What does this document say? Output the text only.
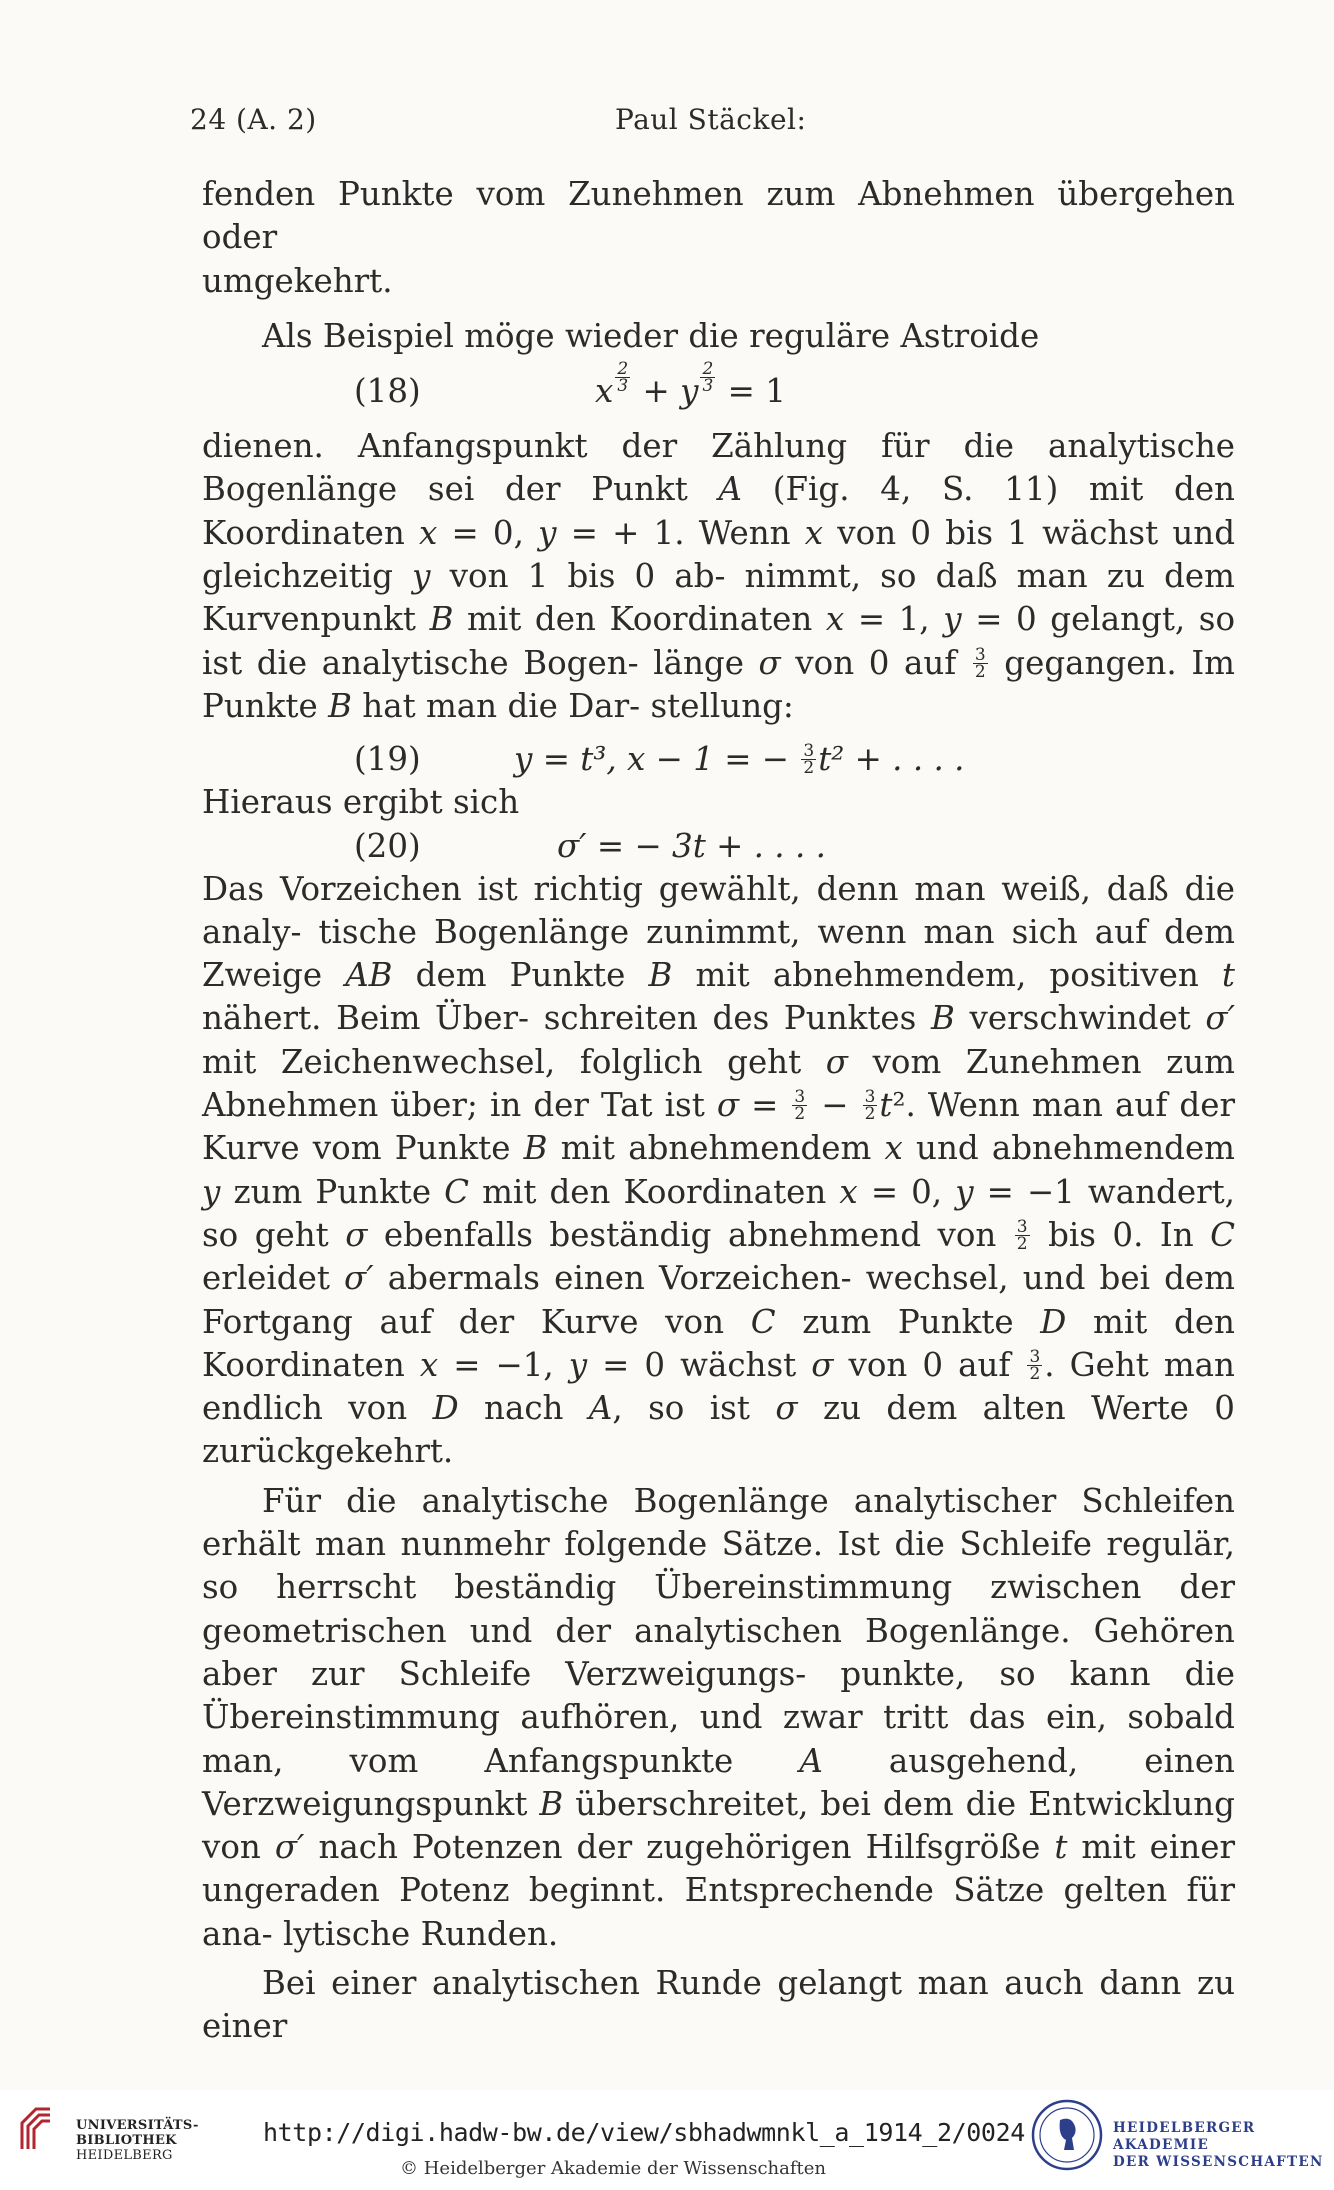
24 (A. 2)	Paul Stäckel:

fenden Punkte vom Zunehmen zum Abnehmen übergehen oder
umgekehrt.

Als Beispiel möge wieder die reguläre Astroide

(18)	x $\frac{2}{3} + y \frac{2}{3} = 1$

dienen. Anfangspunkt der Zählung für die analytische Bogenlänge sei der Punkt A (Fig. 4, S. 11) mit den Koordinaten x = 0, y = + 1. Wenn x von 0 bis 1 wächst und gleichzeitig y von 1 bis 0 ab- nimmt, so daß man zu dem Kurvenpunkt B mit den Koordinaten x = 1, y = 0 gelangt, so ist die analytische Bogen- länge σ von 0 auf $\frac{3}{2}$ gegangen. Im Punkte B hat man die Dar- stellung:

(19)	y = t³, x − 1 = − $\frac{3}{2} t^2$ + . . . .

Hieraus ergibt sich

(20)	σ′ = − 3t + . . . .

Das Vorzeichen ist richtig gewählt, denn man weiß, daß die analy- tische Bogenlänge zunimmt, wenn man sich auf dem Zweige AB dem Punkte B mit abnehmendem, positiven t nähert. Beim Über- schreiten des Punktes B verschwindet σ′ mit Zeichenwechsel, folglich geht σ vom Zunehmen zum Abnehmen über; in der Tat ist $\sigma = \frac{3}{2} - \frac{3}{2} t^2$. Wenn man auf der Kurve vom Punkte B mit abnehmendem x und abnehmendem y zum Punkte C mit den Koordinaten x = 0, y = −1 wandert, so geht σ ebenfalls beständig abnehmend von $\frac{3}{2}$ bis 0. In C erleidet σ′ abermals einen Vorzeichen- wechsel, und bei dem Fortgang auf der Kurve von C zum Punkte D mit den Koordinaten x = −1, y = 0 wächst σ von 0 auf $\frac{3}{2}$ . Geht man endlich von D nach A, so ist σ zu dem alten Werte 0 zurückgekehrt.

Für die analytische Bogenlänge analytischer Schleifen erhält man nunmehr folgende Sätze. Ist die Schleife regulär, so herrscht beständig Übereinstimmung zwischen der geometrischen und der analytischen Bogenlänge. Gehören aber zur Schleife Verzweigungs- punkte, so kann die Übereinstimmung aufhören, und zwar tritt das ein, sobald man, vom Anfangspunkte A ausgehend, einen Verzweigungspunkt B überschreitet, bei dem die Entwicklung von σ′ nach Potenzen der zugehörigen Hilfsgröße t mit einer ungeraden Potenz beginnt. Entsprechende Sätze gelten für ana- lytische Runden.

Bei einer analytischen Runde gelangt man auch dann zu einer

UNIVERSITÄTS-
BIBLIOTHEK
HEIDELBERG
http://digi.hadw-bw.de/view/sbhadwmnkl_a_1914_2/0024
© Heidelberger Akademie der Wissenschaften
HEIDELBERGER AKADEMIE
DER WISSENSCHAFTEN
